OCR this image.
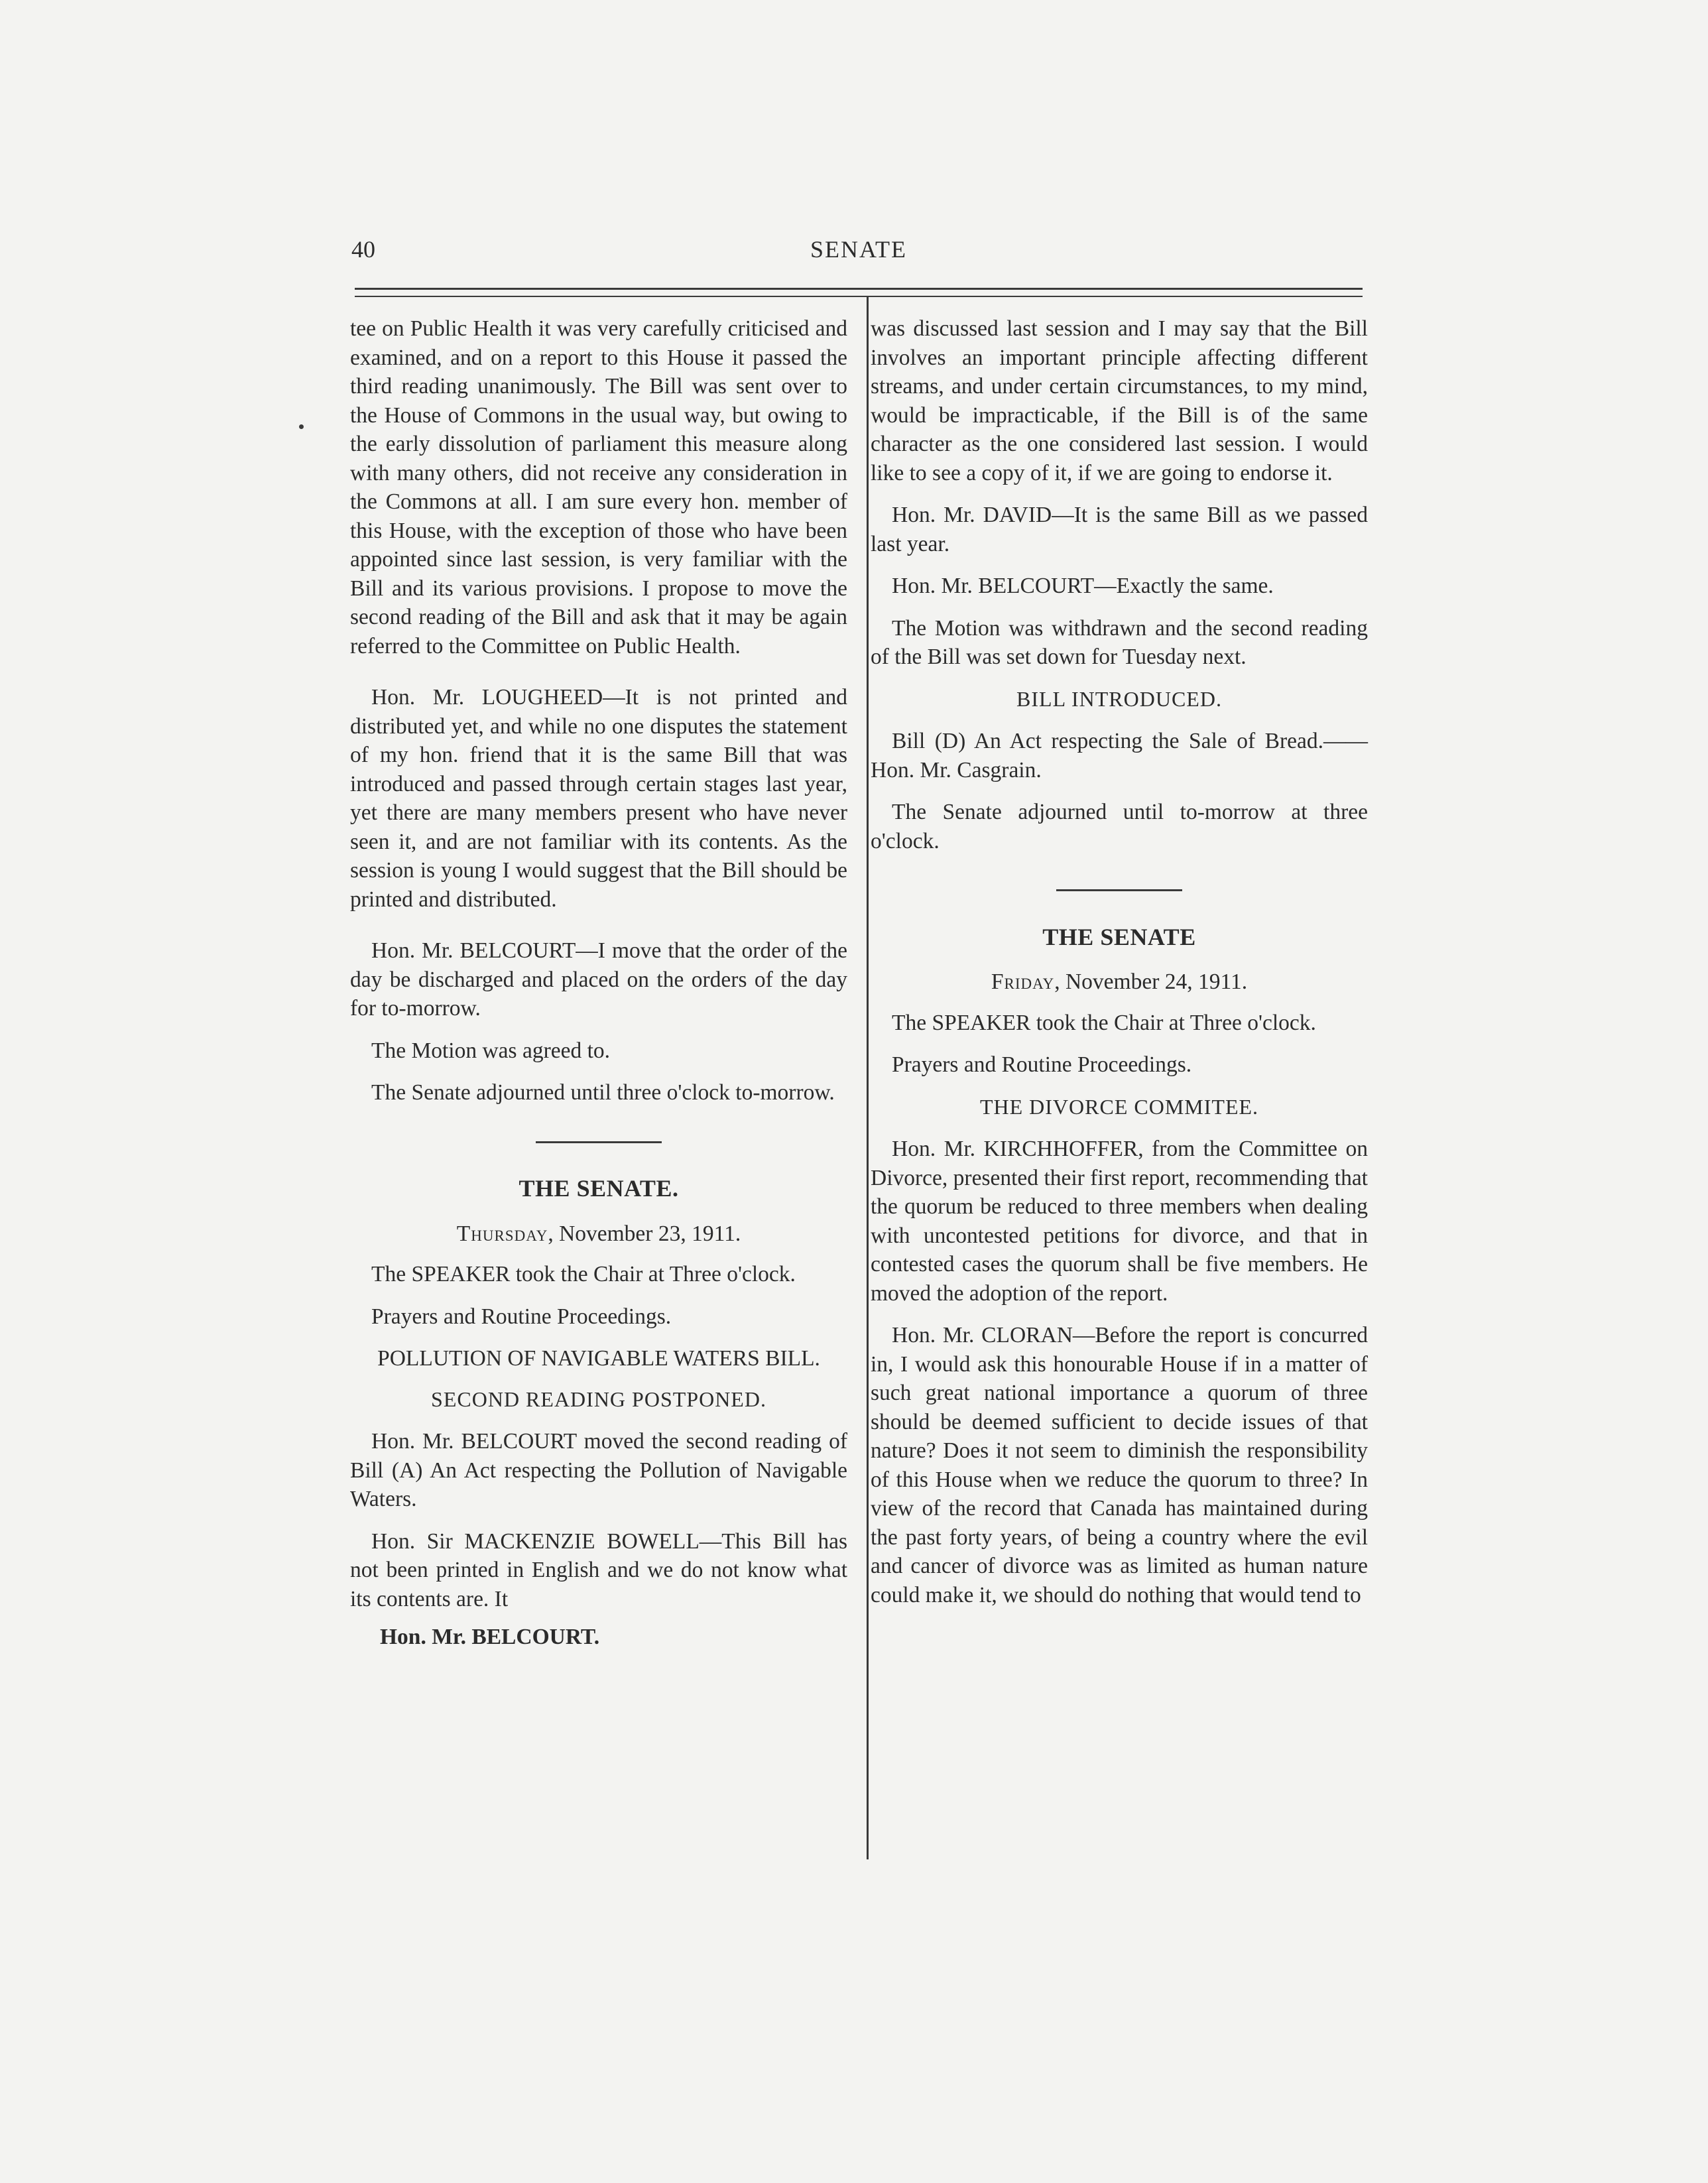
40	SENATE

tee on Public Health it was very carefully criticised and examined, and on a report to this House it passed the third reading unanimously. The Bill was sent over to the House of Commons in the usual way, but owing to the early dissolution of parliament this measure along with many others, did not receive any consideration in the Commons at all. I am sure every hon. member of this House, with the exception of those who have been appointed since last session, is very familiar with the Bill and its various provisions. I propose to move the second reading of the Bill and ask that it may be again referred to the Committee on Public Health.

Hon. Mr. LOUGHEED—It is not printed and distributed yet, and while no one disputes the statement of my hon. friend that it is the same Bill that was introduced and passed through certain stages last year, yet there are many members present who have never seen it, and are not familiar with its contents. As the session is young I would suggest that the Bill should be printed and distributed.

Hon. Mr. BELCOURT—I move that the order of the day be discharged and placed on the orders of the day for to-morrow.

The Motion was agreed to.

The Senate adjourned until three o'clock to-morrow.

THE SENATE.
Thursday, November 23, 1911.

The SPEAKER took the Chair at Three o'clock.

Prayers and Routine Proceedings.

POLLUTION OF NAVIGABLE WATERS BILL.
SECOND READING POSTPONED.

Hon. Mr. BELCOURT moved the second reading of Bill (A) An Act respecting the Pollution of Navigable Waters.

Hon. Sir MACKENZIE BOWELL—This Bill has not been printed in English and we do not know what its contents are. It

Hon. Mr. BELCOURT.

was discussed last session and I may say that the Bill involves an important principle affecting different streams, and under certain circumstances, to my mind, would be impracticable, if the Bill is of the same character as the one considered last session. I would like to see a copy of it, if we are going to endorse it.

Hon. Mr. DAVID—It is the same Bill as we passed last year.

Hon. Mr. BELCOURT—Exactly the same.

The Motion was withdrawn and the second reading of the Bill was set down for Tuesday next.

BILL INTRODUCED.

Bill (D) An Act respecting the Sale of Bread.——Hon. Mr. Casgrain.

The Senate adjourned until to-morrow at three o'clock.

THE SENATE
Friday, November 24, 1911.

The SPEAKER took the Chair at Three o'clock.

Prayers and Routine Proceedings.

THE DIVORCE COMMITEE.

Hon. Mr. KIRCHHOFFER, from the Committee on Divorce, presented their first report, recommending that the quorum be reduced to three members when dealing with uncontested petitions for divorce, and that in contested cases the quorum shall be five members. He moved the adoption of the report.

Hon. Mr. CLORAN—Before the report is concurred in, I would ask this honourable House if in a matter of such great national importance a quorum of three should be deemed sufficient to decide issues of that nature? Does it not seem to diminish the responsibility of this House when we reduce the quorum to three? In view of the record that Canada has maintained during the past forty years, of being a country where the evil and cancer of divorce was as limited as human nature could make it, we should do nothing that would tend to
